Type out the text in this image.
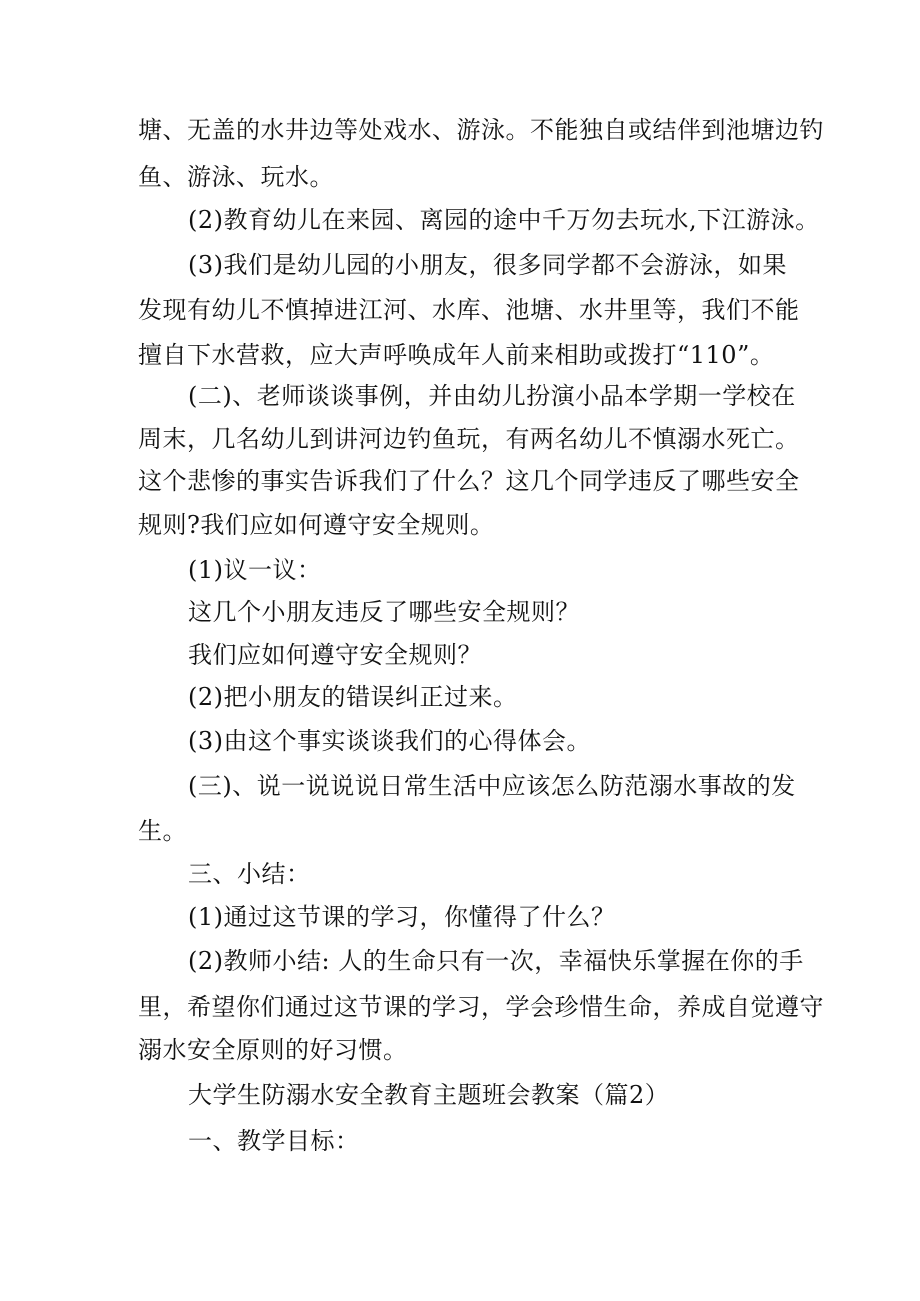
塘、无盖的水井边等处戏水、游泳。不能独自或结伴到池塘边钓
鱼、游泳、玩水。
(2)教育幼儿在来园、离园的途中千万勿去玩水,下江游泳。
(3)我们是幼儿园的小朋友，很多同学都不会游泳，如果
发现有幼儿不慎掉进江河、水库、池塘、水井里等，我们不能
擅自下水营救，应大声呼唤成年人前来相助或拨打“110”。
(二)、老师谈谈事例，并由幼儿扮演小品本学期一学校在
周末，几名幼儿到讲河边钓鱼玩，有两名幼儿不慎溺水死亡。
这个悲惨的事实告诉我们了什么？这几个同学违反了哪些安全
规则?我们应如何遵守安全规则。
(1)议一议：
这几个小朋友违反了哪些安全规则？
我们应如何遵守安全规则？
(2)把小朋友的错误纠正过来。
(3)由这个事实谈谈我们的心得体会。
(三)、说一说说说日常生活中应该怎么防范溺水事故的发
生。
三、小结：
(1)通过这节课的学习，你懂得了什么？
(2)教师小结: 人的生命只有一次，幸福快乐掌握在你的手
里，希望你们通过这节课的学习，学会珍惜生命，养成自觉遵守
溺水安全原则的好习惯。
大学生防溺水安全教育主题班会教案（篇2）
一、教学目标：
